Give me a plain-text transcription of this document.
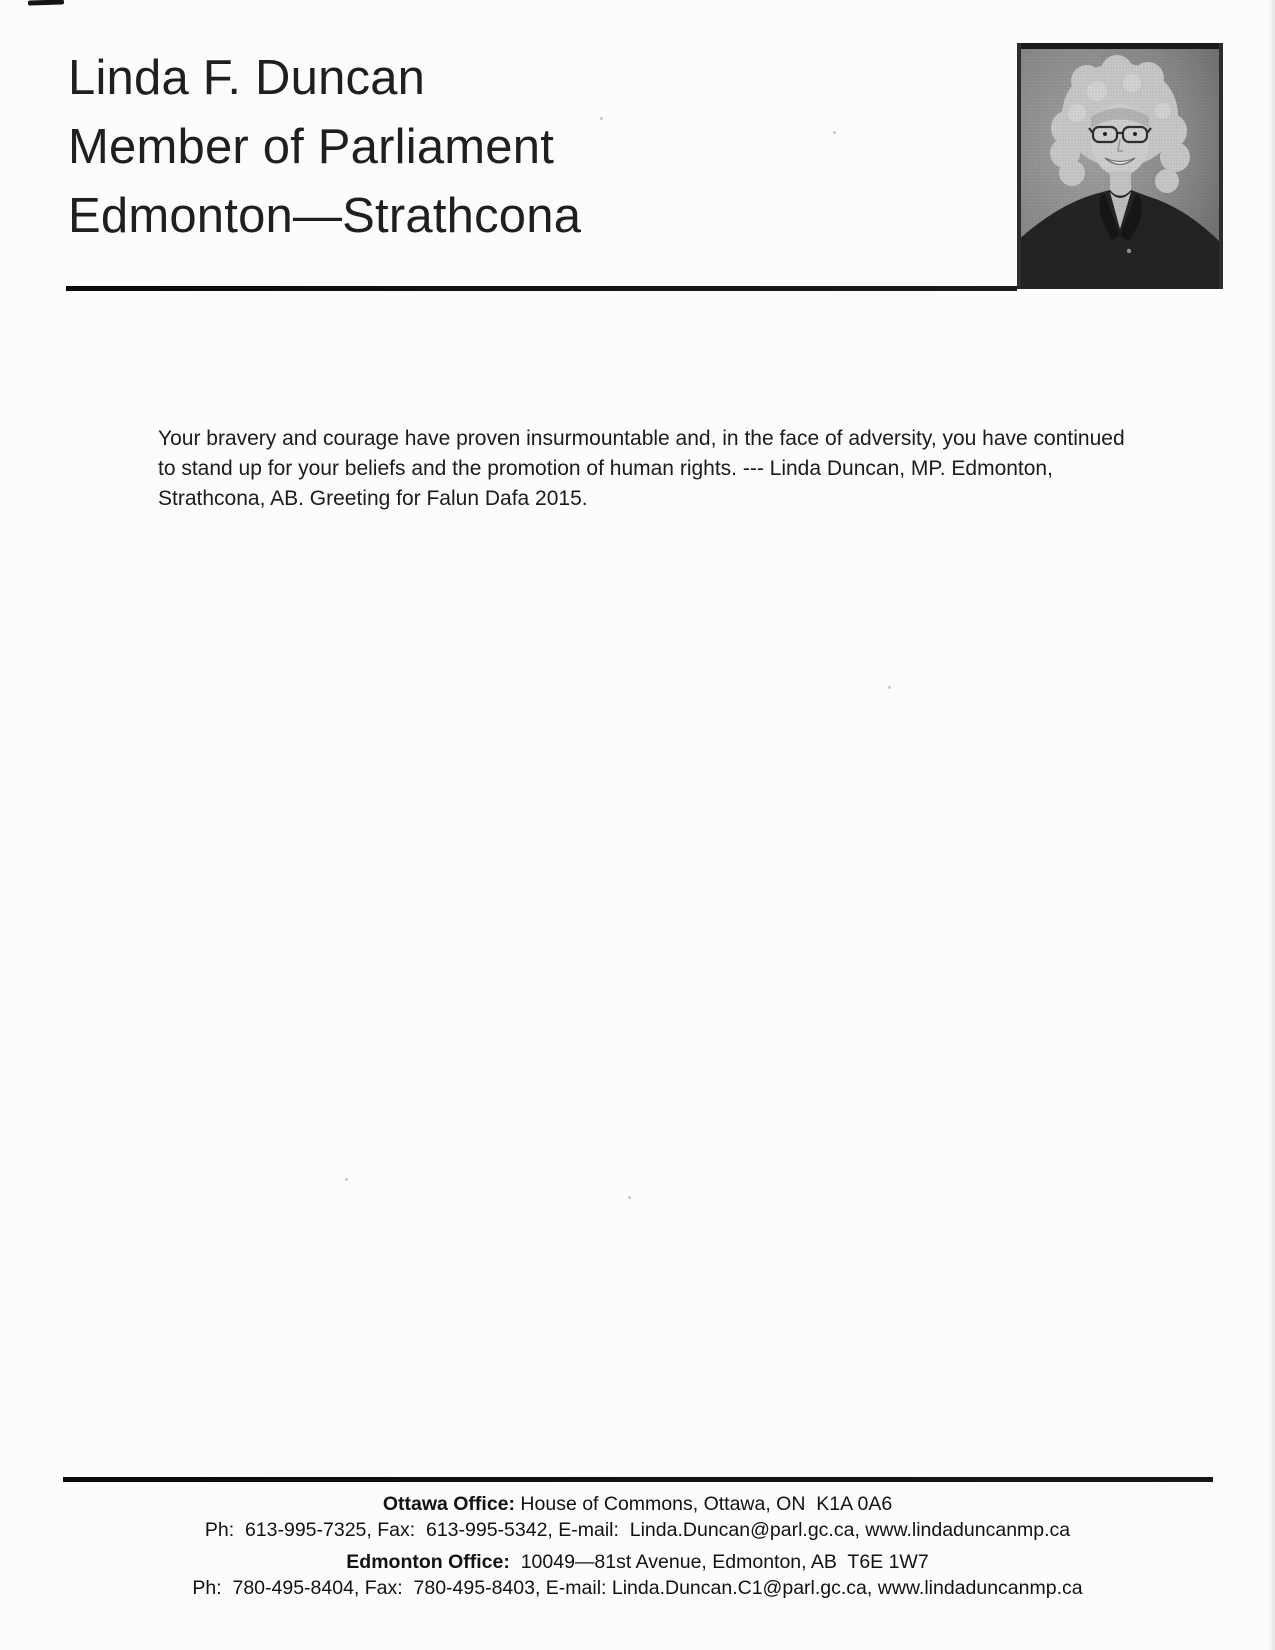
Linda F. Duncan
Member of Parliament
Edmonton—Strathcona
Your bravery and courage have proven insurmountable and, in the face of adversity, you have continued
to stand up for your beliefs and the promotion of human rights. --- Linda Duncan, MP. Edmonton,
Strathcona, AB. Greeting for Falun Dafa 2015.
Ottawa Office: House of Commons, Ottawa, ON  K1A 0A6
Ph:  613-995-7325, Fax:  613-995-5342, E-mail:  Linda.Duncan@parl.gc.ca, www.lindaduncanmp.ca
Edmonton Office:  10049—81st Avenue, Edmonton, AB  T6E 1W7
Ph:  780-495-8404, Fax:  780-495-8403, E-mail: Linda.Duncan.C1@parl.gc.ca, www.lindaduncanmp.ca
